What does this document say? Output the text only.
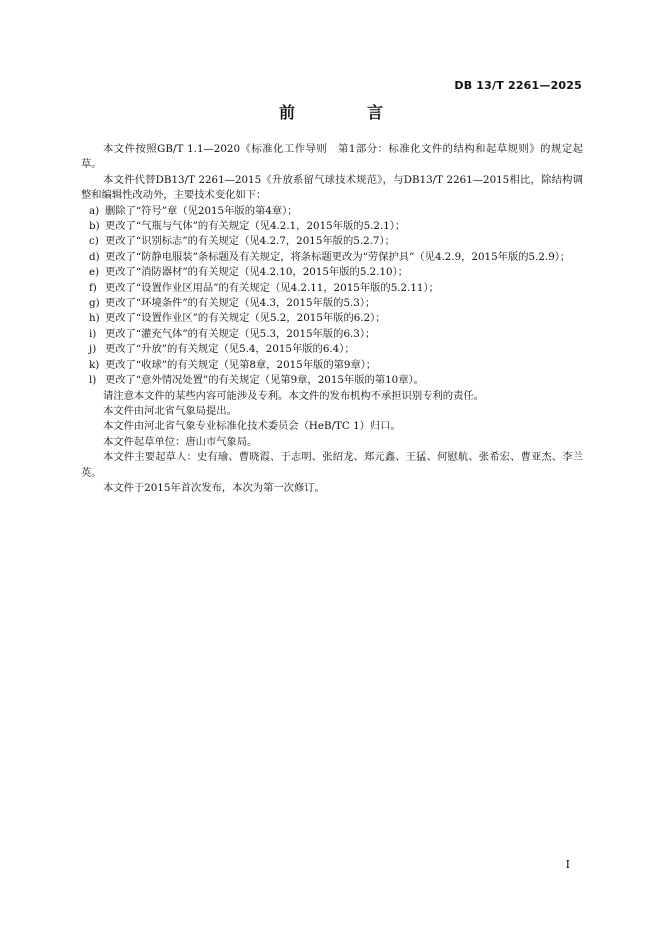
DB 13/T 2261—2025
前　言

本文件按照GB/T 1.1—2020《标准化工作导则　第1部分：标准化文件的结构和起草规则》的规定起草。

本文件代替DB13/T 2261—2015《升放系留气球技术规范》，与DB13/T 2261—2015相比，除结构调整和编辑性改动外，主要技术变化如下：

a) 删除了“符号”章（见2015年版的第4章）；
b) 更改了“气瓶与气体”的有关规定（见4.2.1，2015年版的5.2.1）；
c) 更改了“识别标志”的有关规定（见4.2.7，2015年版的5.2.7）；
d) 更改了“防静电服装”条标题及有关规定，将条标题更改为“劳保护具”（见4.2.9，2015年版的5.2.9）；
e) 更改了“消防器材”的有关规定（见4.2.10，2015年版的5.2.10）；
f) 更改了“设置作业区用品”的有关规定（见4.2.11，2015年版的5.2.11）；
g) 更改了“环境条件”的有关规定（见4.3，2015年版的5.3）；
h) 更改了“设置作业区”的有关规定（见5.2，2015年版的6.2）；
i) 更改了“灌充气体”的有关规定（见5.3，2015年版的6.3）；
j) 更改了“升放”的有关规定（见5.4，2015年版的6.4）；
k) 更改了“收球”的有关规定（见第8章，2015年版的第9章）；
l) 更改了“意外情况处置”的有关规定（见第9章，2015年版的第10章）。

请注意本文件的某些内容可能涉及专利。本文件的发布机构不承担识别专利的责任。

本文件由河北省气象局提出。

本文件由河北省气象专业标准化技术委员会（HeB/TC 1）归口。

本文件起草单位：唐山市气象局。

本文件主要起草人：史有瑜、曹晓霞、于志明、张绍龙、郑元鑫、王猛、何慰航、张希宏、曹亚杰、李兰英。

本文件于2015年首次发布，本次为第一次修订。

I
